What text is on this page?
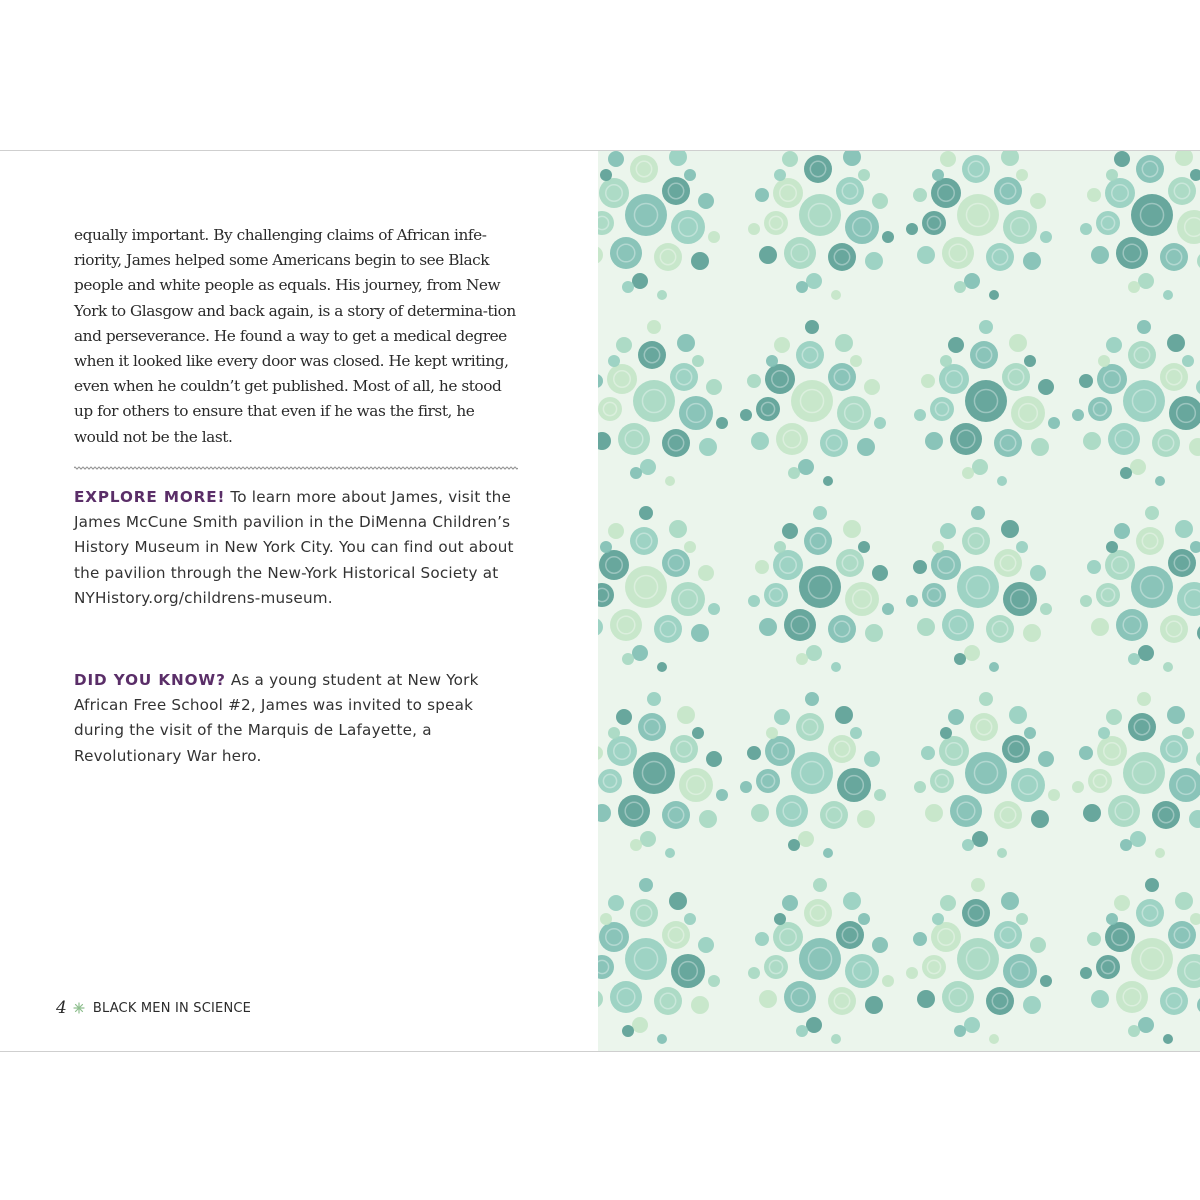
equally important. By challenging claims of African infe-riority, James helped some Americans begin to see Black people and white people as equals. His journey, from New York to Glasgow and back again, is a story of determina-tion and perseverance. He found a way to get a medical degree when it looked like every door was closed. He kept writing, even when he couldn’t get published. Most of all, he stood up for others to ensure that even if he was the first, he would not be the last.

EXPLORE MORE! To learn more about James, visit the James McCune Smith pavilion in the DiMenna Children’s History Museum in New York City. You can find out about the pavilion through the New-York Historical Society at NYHistory.org/childrens-museum.

DID YOU KNOW? As a young student at New York African Free School #2, James was invited to speak during the visit of the Marquis de Lafayette, a Revolutionary War hero.

4 BLACK MEN IN SCIENCE
